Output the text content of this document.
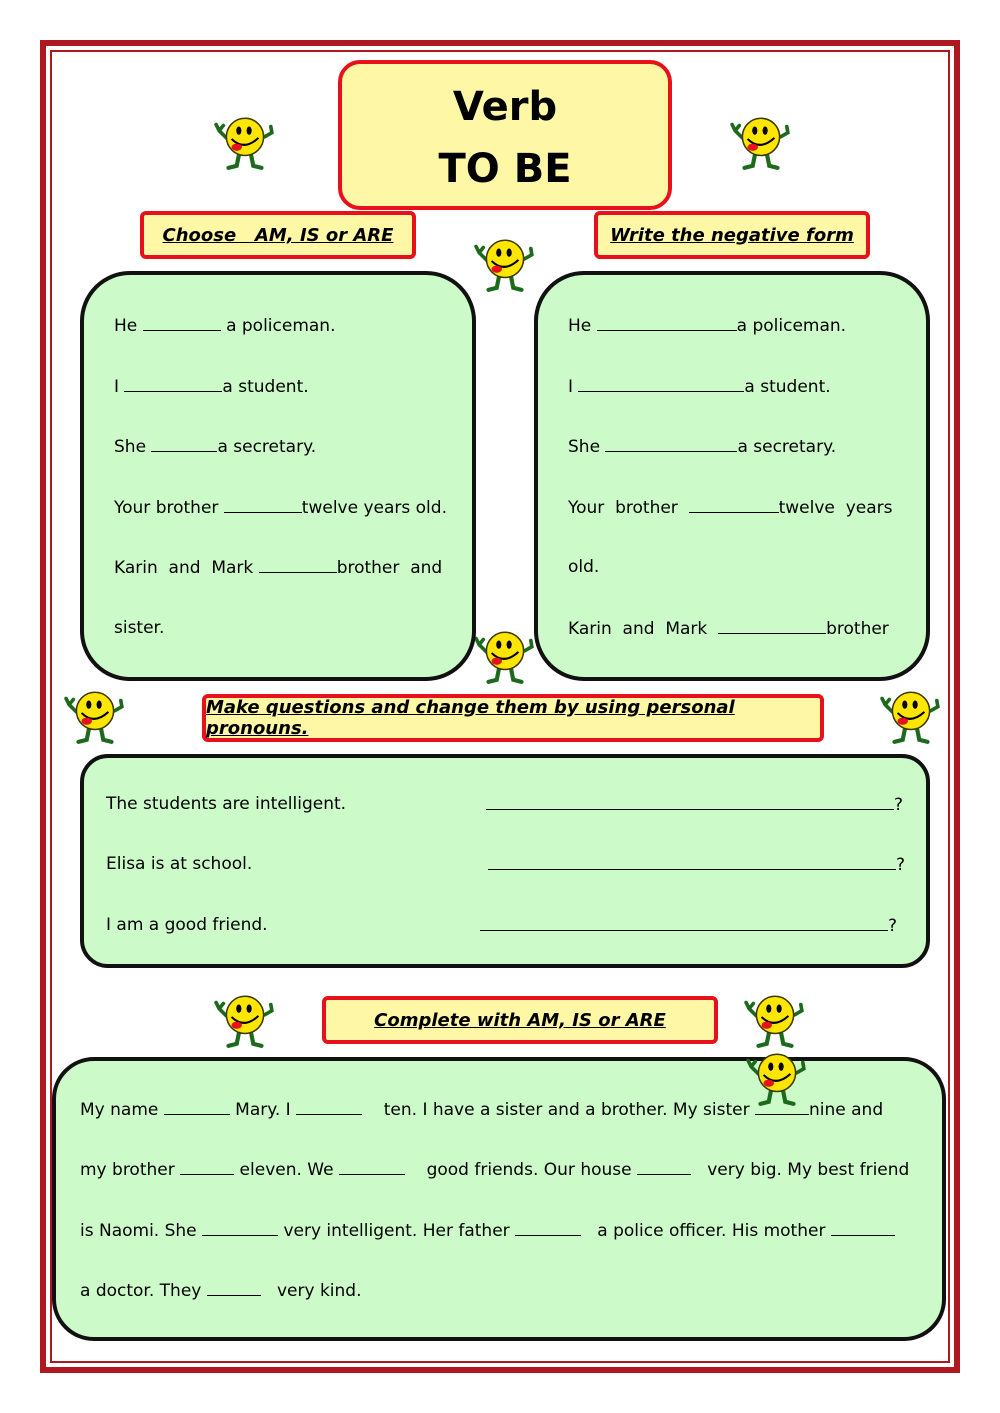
Verb
TO BE
Choose   AM, IS or ARE
He	a policeman.
I	a student.
She	a secretary.
Your brother	twelve years old.
Karin  and  Mark	brother  and
sister.
Write the negative form
He	a policeman.
I	a student.
She	a secretary.
Your  brother	twelve  years
old.
Karin  and  Mark	brother
Make questions and change them by using personal pronouns.
The students are intelligent.	?
Elisa is at school.	?
I am a good friend.	?
Complete with AM, IS or ARE
My name	Mary. I	ten. I have a sister and a brother. My sister	nine and
my brother	eleven. We	good friends. Our house	very big. My best friend
is Naomi. She	very intelligent. Her father	a police officer. His mother
a doctor. They	very kind.
